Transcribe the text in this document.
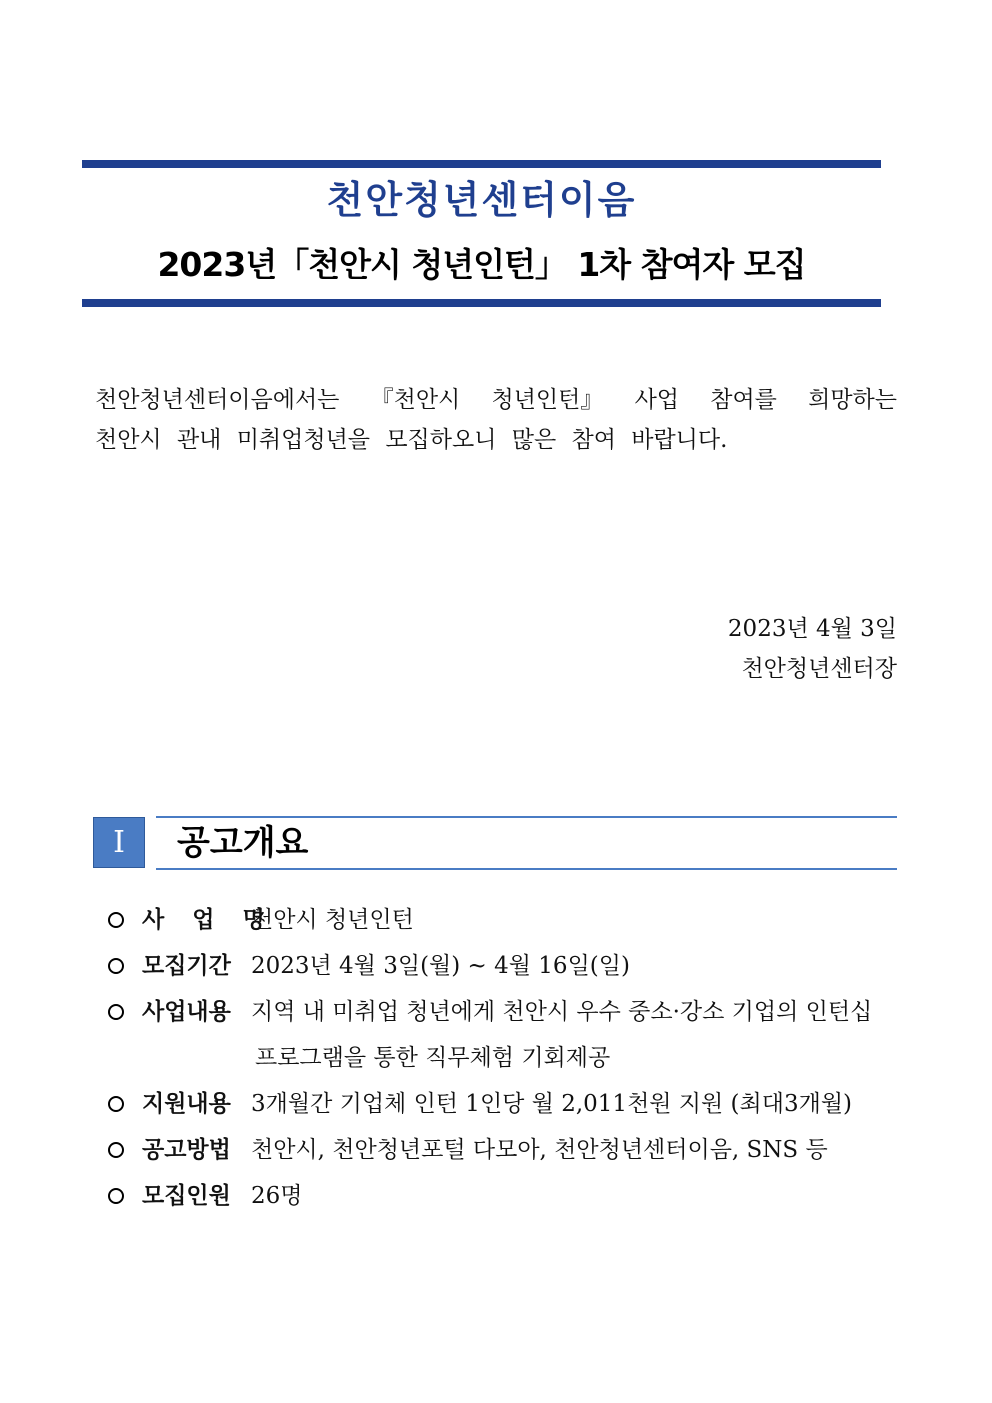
천안청년센터이음
2023년「천안시 청년인턴」 1차 참여자 모집
천안청년센터이음에서는 『천안시 청년인턴』 사업 참여를 희망하는
천안시 관내 미취업청년을 모집하오니 많은 참여 바랍니다.
2023년 4월 3일
천안청년센터장
Ⅰ	공고개요
사 업 명
천안시 청년인턴
모집기간 2023년 4월 3일(월) ~ 4월 16일(일)
사업내용 지역 내 미취업 청년에게 천안시 우수 중소·강소 기업의 인턴십
프로그램을 통한 직무체험 기회제공
지원내용 3개월간 기업체 인턴 1인당 월 2,011천원 지원 (최대3개월)
공고방법 천안시, 천안청년포털 다모아, 천안청년센터이음, SNS 등
모집인원 26명
